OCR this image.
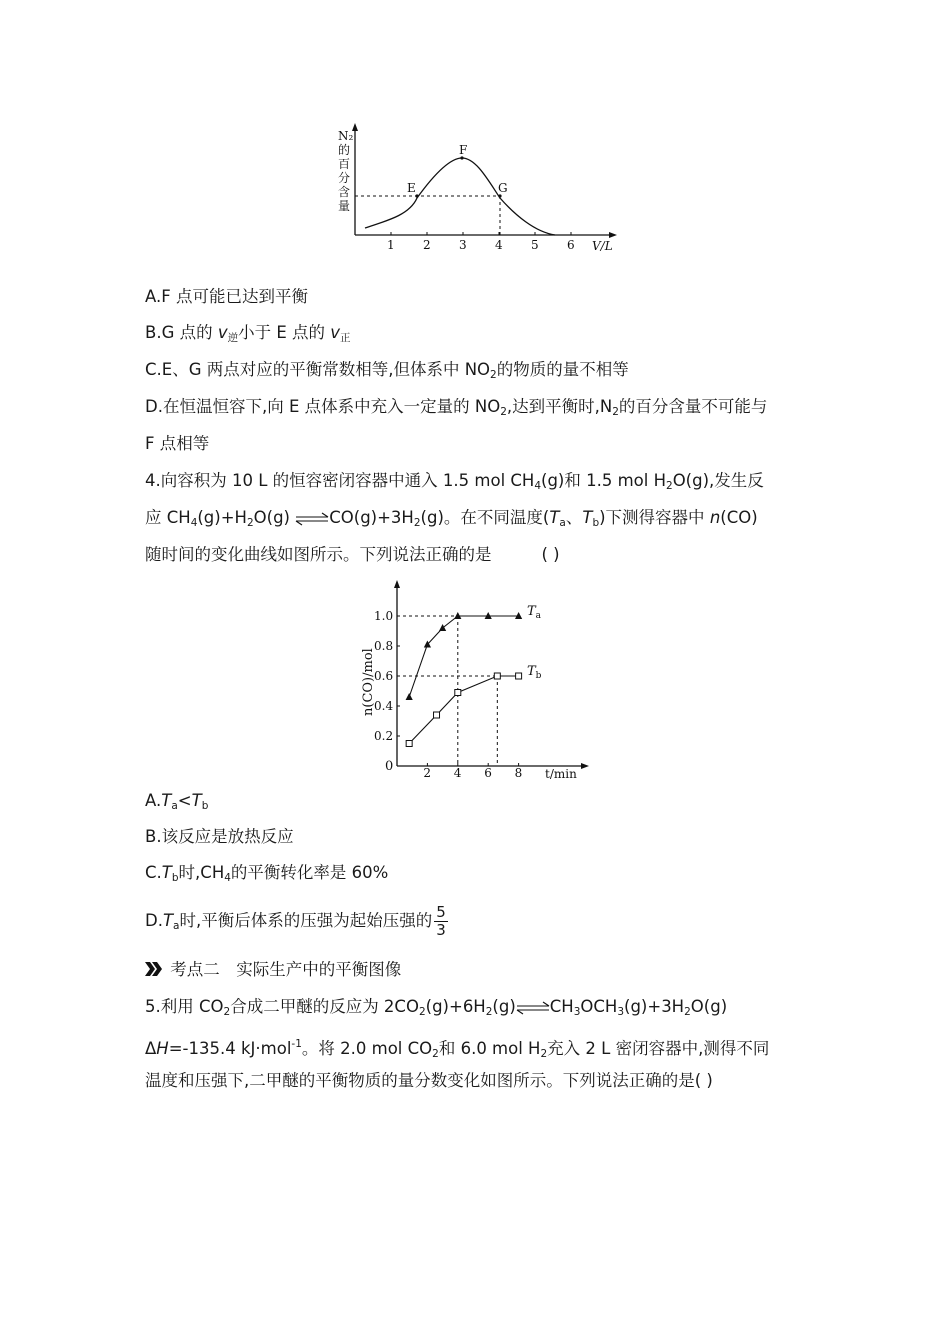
N₂
的
百
分
含
量
1 2 3 4 5 6 V/L
F
E	G
A.F 点可能已达到平衡
B.G 点的 $v_逆$小于 E 点的 $v_正$
C.E、G 两点对应的平衡常数相等,但体系中 $NO_2$的物质的量不相等
D.在恒温恒容下,向 E 点体系中充入一定量的 $NO_2$,达到平衡时$,N_2$的百分含量不可能与
F 点相等
4.向容积为 10 L 的恒容密闭容器中通入 1.5 mol $CH_4(g)$和 1.5 mol $H_2O(g)$,发生反
应 $CH_4(g)+H_2O(g)$ $\rightleftharpoons CO(g)+3H_2(g)$。在不同温度($T_a$、$T_b$)下测得容器中 n(CO)
随时间的变化曲线如图所示。下列说法正确的是	( )
n(CO)/mol
t/min
0
0.2
0.4
0.6
0.8
1.0
2 4 6 8
$T_a$
$T_b$
$A.T_a<T_b$
B.该反应是放热反应
$C.T_b$时$,CH_4$的平衡转化率是 60%
$D.T_a$时,平衡后体系的压强为起始压强的 $\frac{5}{3}$
考点二　实际生产中的平衡图像
5.利用 $CO_2$合成二甲醚的反应为 $2CO_2(g)+6H_2(g)\rightleftharpoons CH_3OCH_3(g)+3H_2O(g)$
ΔH=-135.4 kJ·mol$^{-1}$。将 2.0 mol $CO_2$和 6.0 mol $H_2$充入 2 L 密闭容器中,测得不同
温度和压强下,二甲醚的平衡物质的量分数变化如图所示。下列说法正确的是( )
